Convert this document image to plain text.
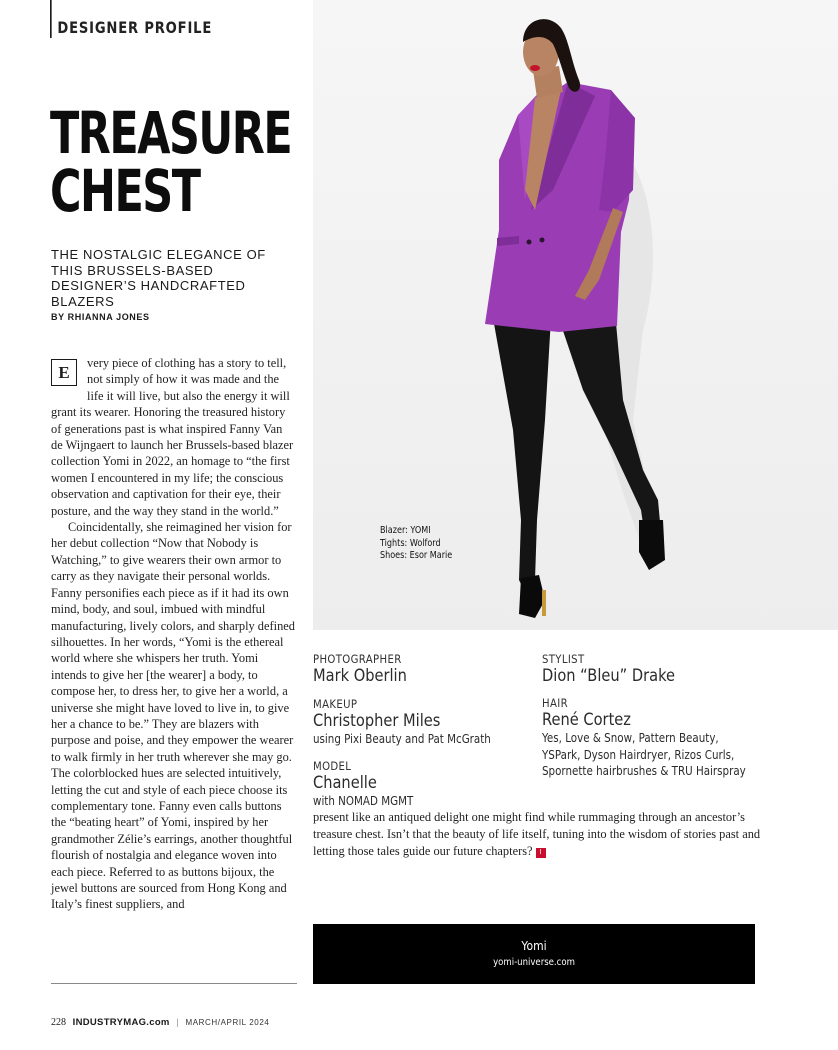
DESIGNER PROFILE
TREASURE
CHEST
THE NOSTALGIC ELEGANCE OF THIS BRUSSELS-BASED DESIGNER’S HANDCRAFTED BLAZERS
BY RHIANNA JONES

E	very piece of clothing has a story to tell, not simply of how it was made and the life it will live, but also the energy it will grant its wearer. Honoring the treasured history of generations past is what inspired Fanny Van de Wijngaert to launch her Brussels-based blazer collection Yomi in 2022, an homage to “the first women I encountered in my life; the conscious observation and captivation for their eye, their posture, and the way they stand in the world.”

Coincidentally, she reimagined her vision for her debut collection “Now that Nobody is Watching,” to give wearers their own armor to carry as they navigate their personal worlds. Fanny personifies each piece as if it had its own mind, body, and soul, imbued with mindful manufacturing, lively colors, and sharply defined silhouettes. In her words, “Yomi is the ethereal world where she whispers her truth. Yomi intends to give her [the wearer] a body, to compose her, to dress her, to give her a world, a universe she might have loved to live in, to give her a chance to be.” They are blazers with purpose and poise, and they empower the wearer to walk firmly in her truth wherever she may go. The colorblocked hues are selected intuitively, letting the cut and style of each piece choose its complementary tone. Fanny even calls buttons the “beating heart” of Yomi, inspired by her grandmother Zélie’s earrings, another thoughtful flourish of nostalgia and elegance woven into each piece. Referred to as buttons bijoux, the jewel buttons are sourced from Hong Kong and Italy’s finest suppliers, and

Blazer: YOMI
Tights: Wolford
Shoes: Esor Marie
PHOTOGRAPHER
Mark Oberlin
MAKEUP
Christopher Miles
using Pixi Beauty and Pat McGrath
MODEL
Chanelle
with NOMAD MGMT
STYLIST
Dion “Bleu” Drake
HAIR
René Cortez
Yes, Love & Snow, Pattern Beauty, YSPark, Dyson Hairdryer, Rizos Curls, Spornette hairbrushes & TRU Hairspray
present like an antiqued delight one might find while rummaging through an ancestor’s treasure chest. Isn’t that the beauty of life itself, tuning into the wisdom of stories past and letting those tales guide our future chapters? I
Yomi
yomi-universe.com
228 INDUSTRYMAG.com | MARCH/APRIL 2024
